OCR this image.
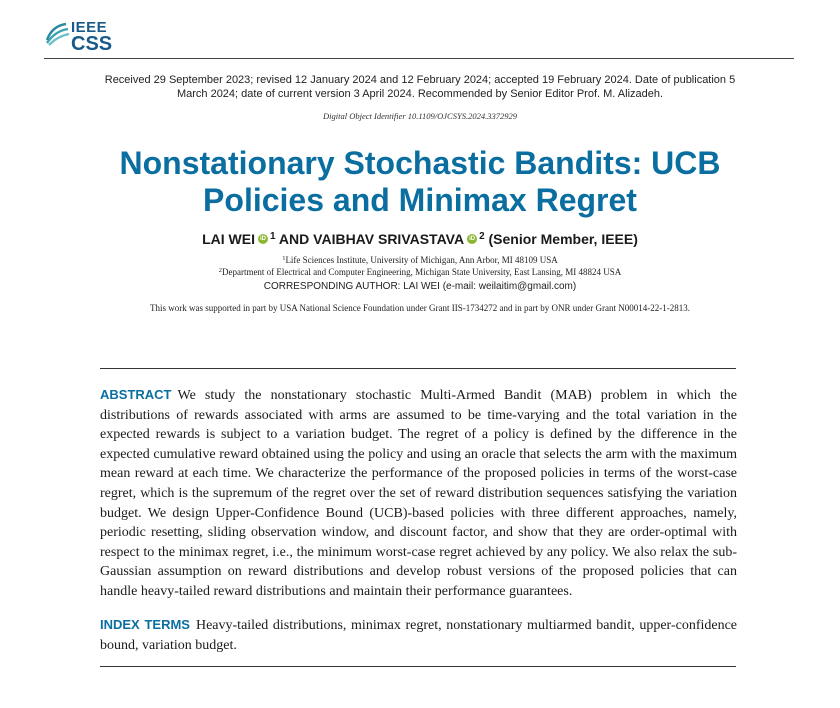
IEEE
CSS
Received 29 September 2023; revised 12 January 2024 and 12 February 2024; accepted 19 February 2024. Date of publication 5 March 2024; date of current version 3 April 2024. Recommended by Senior Editor Prof. M. Alizadeh.
Digital Object Identifier 10.1109/OJCSYS.2024.3372929
Nonstationary Stochastic Bandits: UCB Policies and Minimax Regret
LAI WEI iD $^1$ AND VAIBHAV SRIVASTAVA iD $^2$ (Senior Member, IEEE)
$^1$Life Sciences Institute, University of Michigan, Ann Arbor, MI 48109 USA
$^2$Department of Electrical and Computer Engineering, Michigan State University, East Lansing, MI 48824 USA
CORRESPONDING AUTHOR: LAI WEI (e-mail: weilaitim@gmail.com)
This work was supported in part by USA National Science Foundation under Grant IIS-1734272 and in part by ONR under Grant N00014-22-1-2813.
ABSTRACT We study the nonstationary stochastic Multi-Armed Bandit (MAB) problem in which the distributions of rewards associated with arms are assumed to be time-varying and the total variation in the expected rewards is subject to a variation budget. The regret of a policy is defined by the difference in the expected cumulative reward obtained using the policy and using an oracle that selects the arm with the maximum mean reward at each time. We characterize the performance of the proposed policies in terms of the worst-case regret, which is the supremum of the regret over the set of reward distribution sequences satisfying the variation budget. We design Upper-Confidence Bound (UCB)-based policies with three different approaches, namely, periodic resetting, sliding observation window, and discount factor, and show that they are order-optimal with respect to the minimax regret, i.e., the minimum worst-case regret achieved by any policy. We also relax the sub-Gaussian assumption on reward distributions and develop robust versions of the proposed policies that can handle heavy-tailed reward distributions and maintain their performance guarantees.
INDEX TERMS Heavy-tailed distributions, minimax regret, nonstationary multiarmed bandit, upper-confidence bound, variation budget.
